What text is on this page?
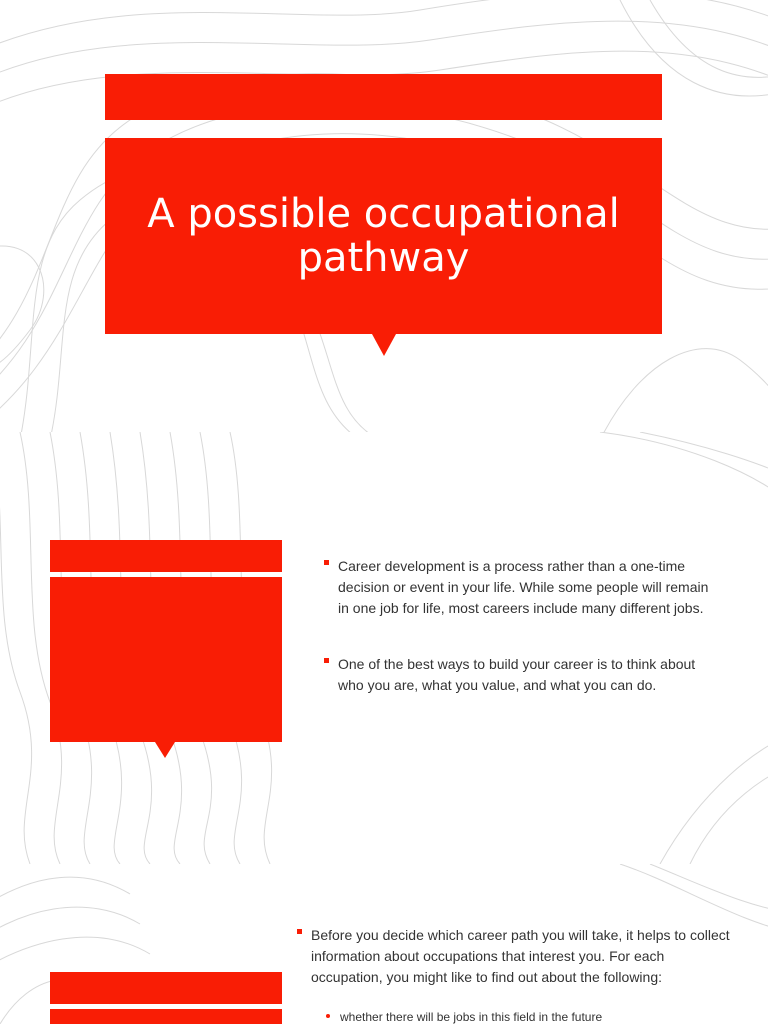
A possible occupational pathway
Career development is a process rather than a one-time decision or event in your life. While some people will remain in one job for life, most careers include many different jobs.
One of the best ways to build your career is to think about who you are, what you value, and what you can do.
Before you decide which career path you will take, it helps to collect information about occupations that interest you. For each occupation, you might like to find out about the following:
whether there will be jobs in this field in the future
